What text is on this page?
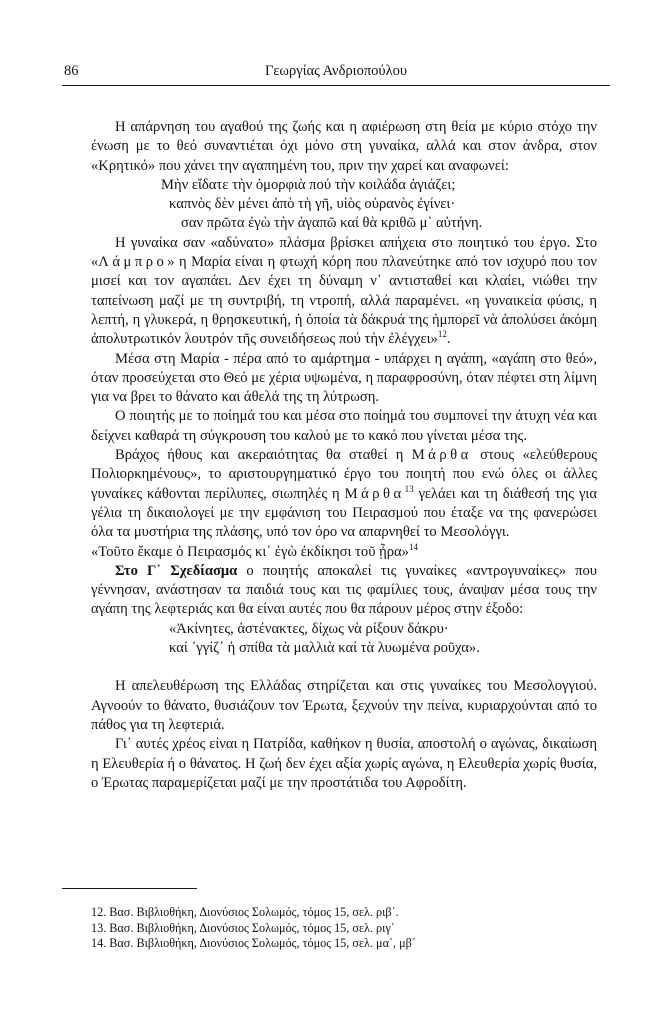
86	Γεωργίας Ανδριοπούλου

Η απάρνηση του αγαθού της ζωής και η αφιέρωση στη θεία με κύριο στόχο την ένωση με το θεό συναντιέται όχι μόνο στη γυναίκα, αλλά και στον άνδρα, στον «Κρητικό» που χάνει την αγαπημένη του, πριν την χαρεί και αναφωνεί:

Μὴν εἴδατε τὴν ὀμορφιὰ πού τὴν κοιλάδα ἀγιάζει;
καπνὸς δὲν μένει ἀπὸ τὴ γῆ, υἱὸς οὐρανὸς ἐγίνει·
σαν πρῶτα ἐγὼ τὴν ἀγαπῶ καί θὰ κριθῶ μ᾽ αὐτήνη.

Η γυναίκα σαν «αδύνατο» πλάσμα βρίσκει απήχεια στο ποιητικό του έργο. Στο «Λάμπρο» η Μαρία είναι η φτωχή κόρη που πλανεύτηκε από τον ισχυρό που τον μισεί και τον αγαπάει. Δεν έχει τη δύναμη ν᾽ αντισταθεί και κλαίει, νιώθει την ταπείνωση μαζί με τη συντριβή, τη ντροπή, αλλά παραμένει. «η γυναικεία φύσις, η λεπτή, η γλυκερά, η θρησκευτική, ἡ ὁποία τὰ δάκρυά της ἠμπορεῖ νὰ ἀπολύσει ἀκόμη ἀπολυτρωτικόν λουτρόν τῆς συνειδήσεως πού τὴν ἐλέγχει»$^{12}$.

Μέσα στη Μαρία - πέρα από το αμάρτημα - υπάρχει η αγάπη, «αγάπη στο θεό», όταν προσεύχεται στο Θεό με χέρια υψωμένα, η παραφροσύνη, όταν πέφτει στη λίμνη για να βρει το θάνατο και άθελά της τη λύτρωση.

Ο ποιητής με το ποίημά του και μέσα στο ποίημά του συμπονεί την άτυχη νέα και δείχνει καθαρά τη σύγκρουση του καλού με το κακό που γίνεται μέσα της.

Βράχος ήθους και ακεραιότητας θα σταθεί η Μάρθα στους «ελεύθερους Πολιορκημένους», το αριστουργηματικό έργο του ποιητή που ενώ όλες οι άλλες γυναίκες κάθονται περίλυπες, σιωπηλές η Μάρθα$^{13}$ γελάει και τη διάθεσή της για γέλια τη δικαιολογεί με την εμφάνιση του Πειρασμού που έταξε να της φανερώσει όλα τα μυστήρια της πλάσης, υπό τον όρο να απαρνηθεί το Μεσολόγγι.

«Τοῦτο ἔκαμε ὁ Πειρασμός κι᾽ ἐγὼ ἐκδίκησι τοῦ ᾖρα»$^{14}$

Στο Γ᾽ Σχεδίασμα ο ποιητής αποκαλεί τις γυναίκες «αντρογυναίκες» που γέννησαν, ανάστησαν τα παιδιά τους και τις φαμίλιες τους, άναψαν μέσα τους την αγάπη της λεφτεριάς και θα είναι αυτές που θα πάρουν μέρος στην έξοδο:

«Ἀκίνητες, ἀστένακτες, δίχως νὰ ρίξουν δάκρυ·
καί ᾽γγίζ᾽ ἡ σπίθα τὰ μαλλιὰ καί τὰ λυωμένα ροῦχα».

Η απελευθέρωση της Ελλάδας στηρίζεται και στις γυναίκες του Μεσολογγιού. Αγνοούν το θάνατο, θυσιάζουν τον Έρωτα, ξεχνούν την πείνα, κυριαρχούνται από το πάθος για τη λεφτεριά.

Γι᾽ αυτές χρέος είναι η Πατρίδα, καθήκον η θυσία, αποστολή ο αγώνας, δικαίωση η Ελευθερία ή ο θάνατος. Η ζωή δεν έχει αξία χωρίς αγώνα, η Ελευθερία χωρίς θυσία, ο Έρωτας παραμερίζεται μαζί με την προστάτιδα του Αφροδίτη.

12. Βασ. Βιβλιοθήκη, Διονύσιος Σολωμός, τόμος 15, σελ. ριβ᾽.
13. Βασ. Βιβλιοθήκη, Διονύσιος Σολωμός, τόμος 15, σελ. ριγ᾽
14. Βασ. Βιβλιοθήκη, Διονύσιος Σολωμός, τόμος 15, σελ. μα᾽, μβ᾽
